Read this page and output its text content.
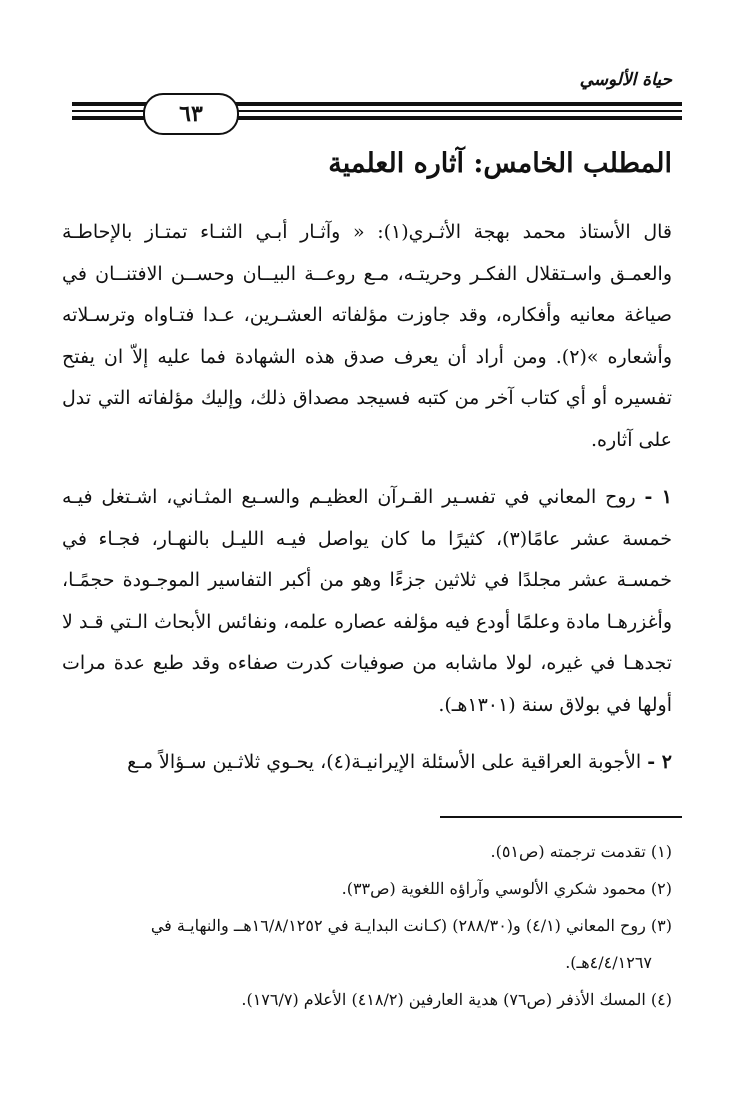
حياة الألوسي
٦٣
المطلب الخامس: آثاره العلمية

قال الأستاذ محمد بهجة الأثـري(١): « وآثـار أبـي الثنـاء تمتـاز بالإحاطـة والعمـق واسـتقلال الفكـر وحريتـه، مـع روعــة البيــان وحســن الافتنــان في صياغة معانيه وأفكاره، وقد جاوزت مؤلفاته العشـرين، عـدا فتـاواه وترسـلاته وأشعاره »(٢). ومن أراد أن يعرف صدق هذه الشهادة فما عليه إلاّ ان يفتح تفسيره أو أي كتاب آخر من كتبه فسيجد مصداق ذلك، وإليك مؤلفاته التي تدل على آثاره.

١ - روح المعاني في تفسـير القـرآن العظيـم والسـبع المثـاني، اشـتغل فيـه خمسة عشر عامًا(٣)، كثيرًا ما كان يواصل فيـه الليـل بالنهـار، فجـاء في خمسـة عشر مجلدًا في ثلاثين جزءًا وهو من أكبر التفاسير الموجـودة حجمًـا، وأغزرهـا مادة وعلمًا أودع فيه مؤلفه عصاره علمه، ونفائس الأبحاث الـتي قـد لا تجدهـا في غيره، لولا ماشابه من صوفيات كدرت صفاءه وقد طبع عدة مرات أولها في بولاق سنة (١٣٠١هـ).

٢ - الأجوبة العراقية على الأسئلة الإيرانيـة(٤)، يحـوي ثلاثـين سـؤالاً مـع

(١) تقدمت ترجمته (ص٥١).

(٢) محمود شكري الألوسي وآراؤه اللغوية (ص٣٣).

(٣) روح المعاني (٤/١) و(٢٨٨/٣٠) (كـانت البدايـة في ١٦/٨/١٢٥٢هــ والنهايـة في

٤/٤/١٢٦٧هـ).

(٤) المسك الأذفر (ص٧٦) هدية العارفين (٤١٨/٢) الأعلام (١٧٦/٧).
